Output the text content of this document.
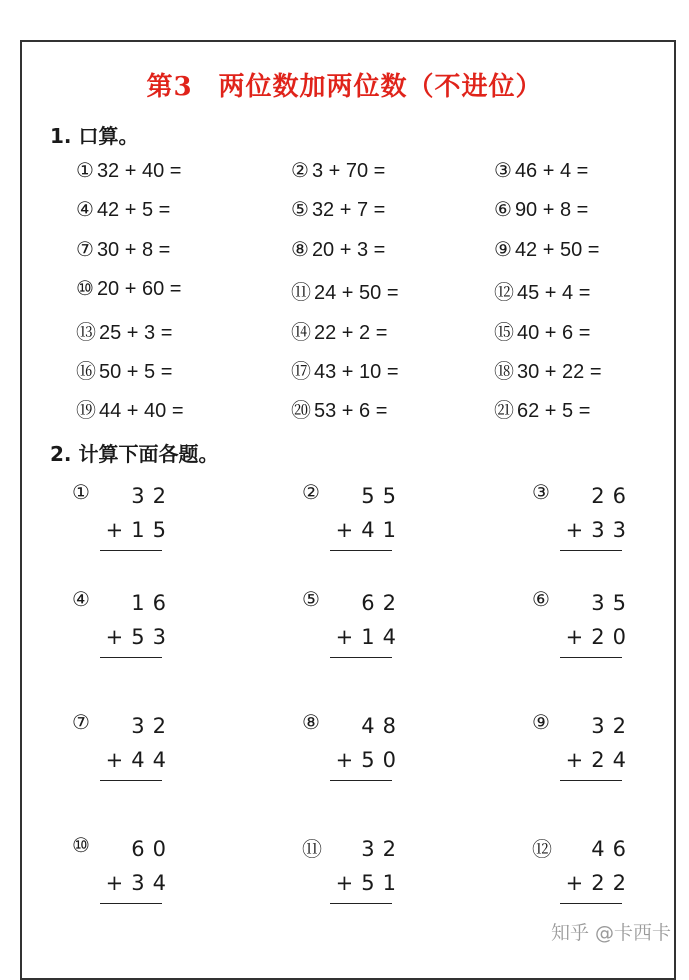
第3 两位数加两位数（不进位）
1. 口算。
① 32 + 40 =	② 3 + 70 =	③ 46 + 4 =
④ 42 + 5 =	⑤ 32 + 7 =	⑥ 90 + 8 =
⑦ 30 + 8 =	⑧ 20 + 3 =	⑨ 42 + 50 =
⑩ 20 + 60 =	⑪ 24 + 50 =	⑫ 45 + 4 =
⑬ 25 + 3 =	⑭ 22 + 2 =	⑮ 40 + 6 =
⑯ 50 + 5 =	⑰ 43 + 10 =	⑱ 30 + 22 =
⑲ 44 + 40 =	⑳ 53 + 6 =	㉑ 62 + 5 =
2. 计算下面各题。
① 32
+15
② 55
+41
③ 26
+33
④ 16
+53
⑤ 62
+14
⑥ 35
+20
⑦ 32
+44
⑧ 48
+50
⑨ 32
+24
⑩ 60
+34
⑪ 32
+51
⑫ 46
+22
知乎 @卡西卡
